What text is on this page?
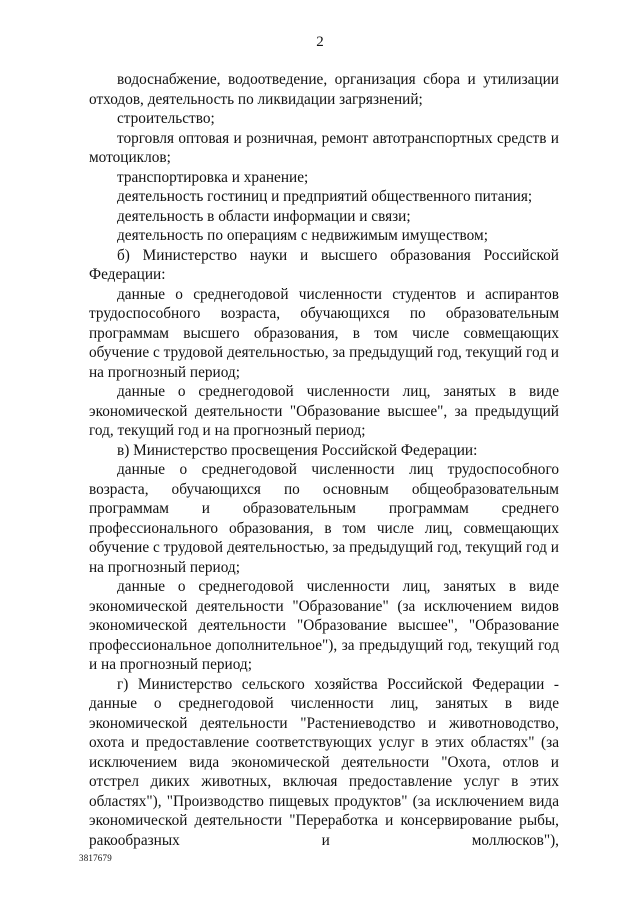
2

водоснабжение, водоотведение, организация сбора и утилизации отходов, деятельность по ликвидации загрязнений;

строительство;

торговля оптовая и розничная, ремонт автотранспортных средств и мотоциклов;

транспортировка и хранение;

деятельность гостиниц и предприятий общественного питания;

деятельность в области информации и связи;

деятельность по операциям с недвижимым имуществом;

б) Министерство науки и высшего образования Российской Федерации:

данные о среднегодовой численности студентов и аспирантов трудоспособного возраста, обучающихся по образовательным программам высшего образования, в том числе совмещающих обучение с трудовой деятельностью, за предыдущий год, текущий год и на прогнозный период;

данные о среднегодовой численности лиц, занятых в виде экономической деятельности "Образование высшее", за предыдущий год, текущий год и на прогнозный период;

в) Министерство просвещения Российской Федерации:

данные о среднегодовой численности лиц трудоспособного возраста, обучающихся по основным общеобразовательным программам и образовательным программам среднего профессионального образования, в том числе лиц, совмещающих обучение с трудовой деятельностью, за предыдущий год, текущий год и на прогнозный период;

данные о среднегодовой численности лиц, занятых в виде экономической деятельности "Образование" (за исключением видов экономической деятельности "Образование высшее", "Образование профессиональное дополнительное"), за предыдущий год, текущий год и на прогнозный период;

г) Министерство сельского хозяйства Российской Федерации - данные о среднегодовой численности лиц, занятых в виде экономической деятельности "Растениеводство и животноводство, охота и предоставление соответствующих услуг в этих областях" (за исключением вида экономической деятельности "Охота, отлов и отстрел диких животных, включая предоставление услуг в этих областях"), "Производство пищевых продуктов" (за исключением вида экономической деятельности "Переработка и консервирование рыбы, ракообразных и моллюсков"),

3817679
